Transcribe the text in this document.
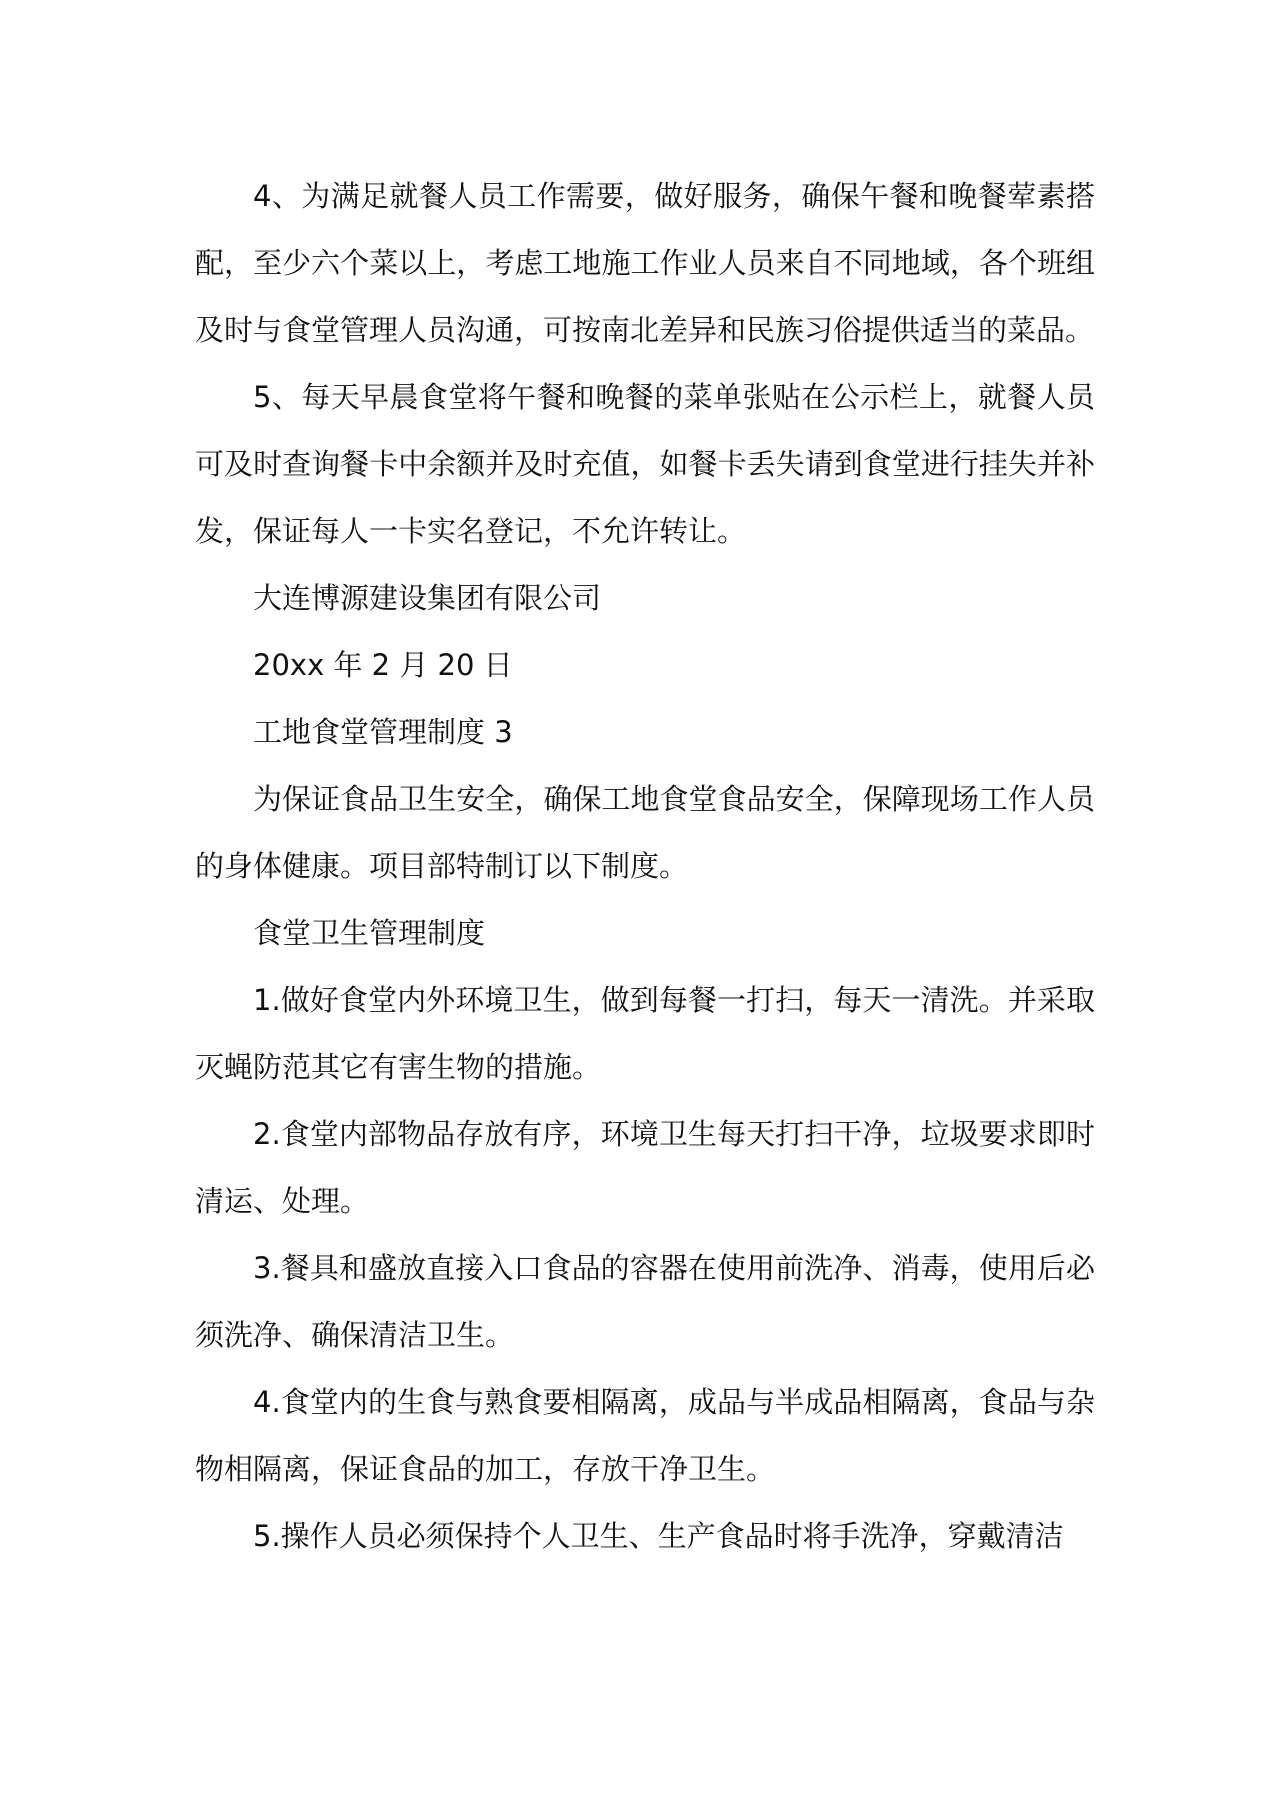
4、为满足就餐人员工作需要，做好服务，确保午餐和晚餐荤素搭配，至少六个菜以上，考虑工地施工作业人员来自不同地域，各个班组及时与食堂管理人员沟通，可按南北差异和民族习俗提供适当的菜品。

5、每天早晨食堂将午餐和晚餐的菜单张贴在公示栏上，就餐人员可及时查询餐卡中余额并及时充值，如餐卡丢失请到食堂进行挂失并补发，保证每人一卡实名登记，不允许转让。

大连博源建设集团有限公司

20xx 年 2 月 20 日

工地食堂管理制度 3

为保证食品卫生安全，确保工地食堂食品安全，保障现场工作人员的身体健康。项目部特制订以下制度。

食堂卫生管理制度

1.做好食堂内外环境卫生，做到每餐一打扫，每天一清洗。并采取灭蝇防范其它有害生物的措施。

2.食堂内部物品存放有序，环境卫生每天打扫干净，垃圾要求即时清运、处理。

3.餐具和盛放直接入口食品的容器在使用前洗净、消毒，使用后必须洗净、确保清洁卫生。

4.食堂内的生食与熟食要相隔离，成品与半成品相隔离，食品与杂物相隔离，保证食品的加工，存放干净卫生。

5.操作人员必须保持个人卫生、生产食品时将手洗净，穿戴清洁
